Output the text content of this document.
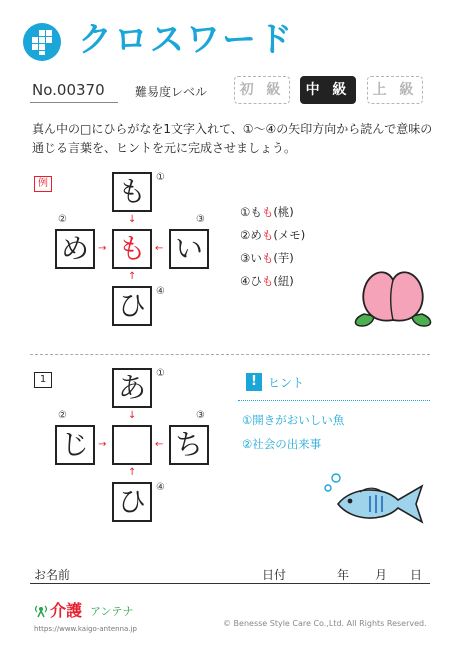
クロスワード
No.00370	難易度レベル	初 級	中 級	上 級
真ん中の□にひらがなを1文字入れて、①～④の矢印方向から読んで意味の通じる言葉を、ヒントを元に完成させましょう。
例 も
め も い
ひ
①
②	③
④
↓
→	←
↑
①もも(桃)
②めも(メモ)
③いも(芋)
④ひも(紐)
1	あ
じ	ち
ひ
①
②	③
④
↓
→	←
↑
! ヒント
①開きがおいしい魚
②社会の出来事
お名前	日付	年 月 日
介護 アンテナ
https://www.kaigo-antenna.jp
© Benesse Style Care Co.,Ltd. All Rights Reserved.
